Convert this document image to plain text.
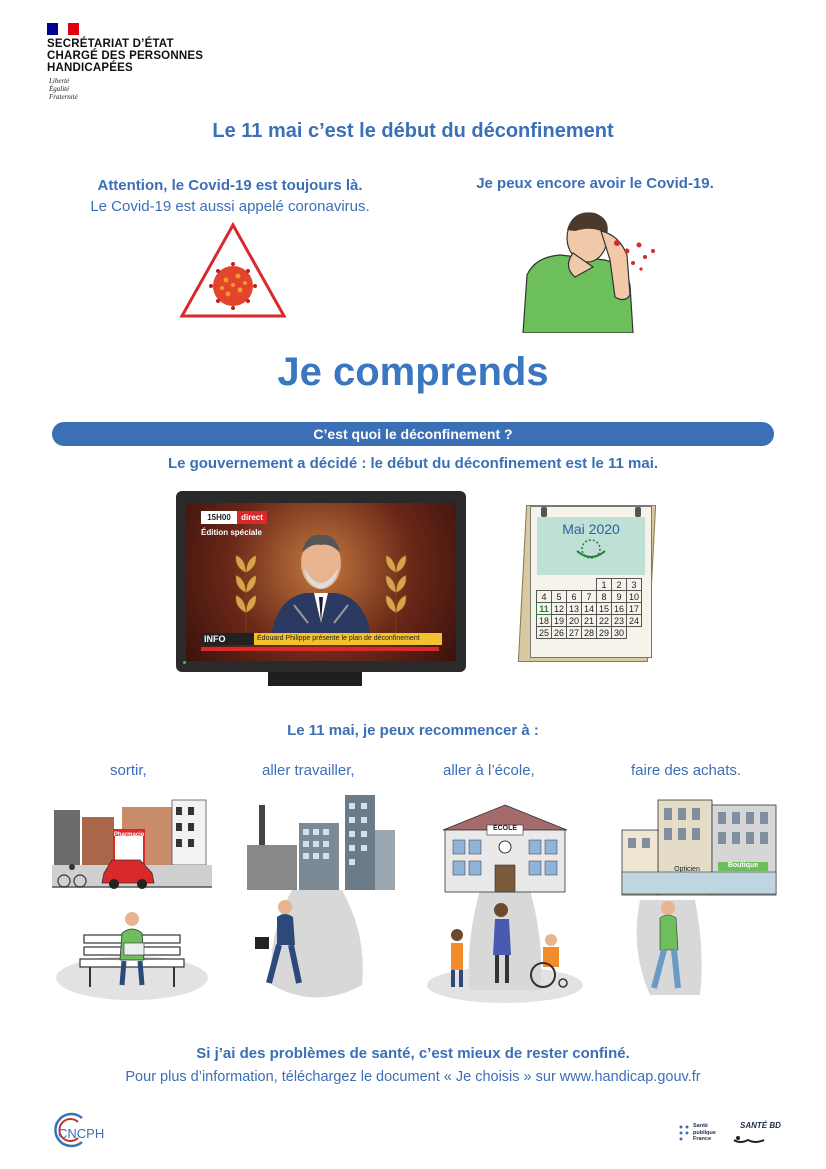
SECRÉTARIAT D’ÉTAT
CHARGÉ DES PERSONNES
HANDICAPÉES
Liberté
Égalité
Fraternité
Le 11 mai c’est le début du déconfinement
Attention, le Covid-19 est toujours là.
Le Covid-19 est aussi appelé coronavirus.
Je peux encore avoir le Covid-19.
Je comprends
C’est quoi le déconfinement ?
Le gouvernement a décidé : le début du déconfinement est le 11 mai.
15H00	direct
Édition spéciale
INFO	Édouard Philippe présente le plan de déconfinement
Mai 2020
				1	2	3
4	5	6	7	8	9	10
11	12	13	14	15	16	17
18	19	20	21	22	23	24
25	26	27	28	29	30	
Le 11 mai, je peux recommencer à :
sortir,	aller travailler,	aller à l’école,	faire des achats.
ÉCOLE
Opticien
Boutique
Pharmacie
Si j’ai des problèmes de santé, c’est mieux de rester confiné.
Pour plus d’information, téléchargez le document « Je choisis » sur www.handicap.gouv.fr
CNCPH	Santé
publique
France
SANTÉ BD
